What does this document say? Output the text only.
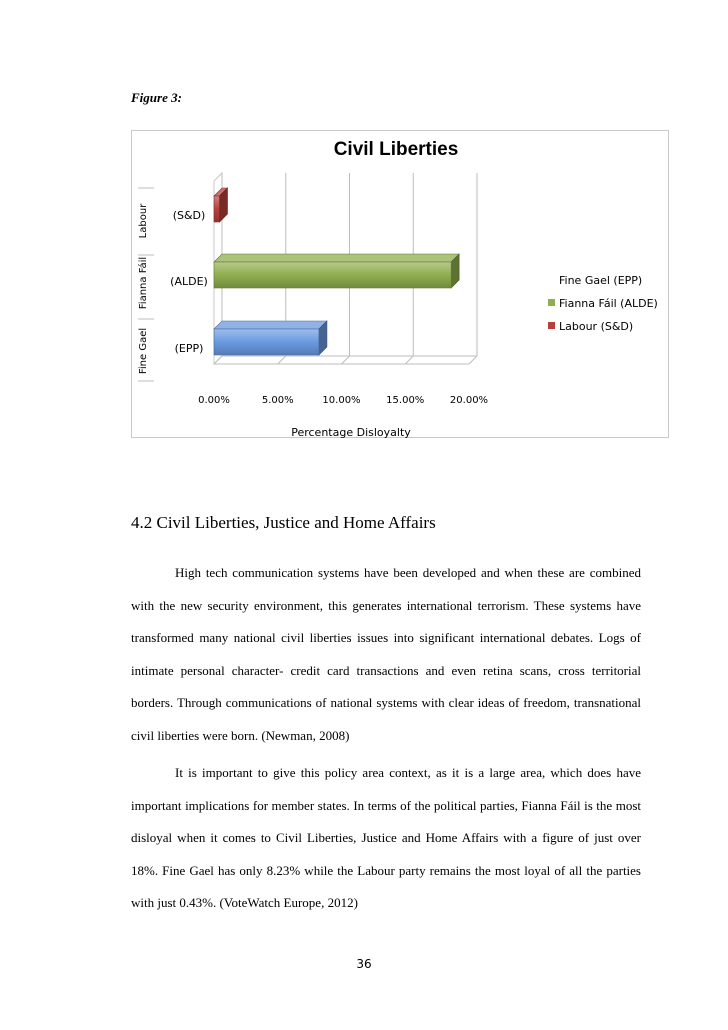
Figure 3:
Civil Liberties
0.00%	5.00%	10.00%	15.00%	20.00%
Percentage Disloyalty
(S&D)
(ALDE)
(EPP)
Labour
Fianna Fáil
Fine Gael
Fine Gael (EPP)
Fianna Fáil (ALDE)
Labour (S&D)
4.2 Civil Liberties, Justice and Home Affairs

High tech communication systems have been developed and when these are combined with the new security environment, this generates international terrorism. These systems have transformed many national civil liberties issues into significant international debates. Logs of intimate personal character- credit card transactions and even retina scans, cross territorial borders. Through communications of national systems with clear ideas of freedom, transnational civil liberties were born. (Newman, 2008)

It is important to give this policy area context, as it is a large area, which does have important implications for member states. In terms of the political parties, Fianna Fáil is the most disloyal when it comes to Civil Liberties, Justice and Home Affairs with a figure of just over 18%. Fine Gael has only 8.23% while the Labour party remains the most loyal of all the parties with just 0.43%. (VoteWatch Europe, 2012)

36
